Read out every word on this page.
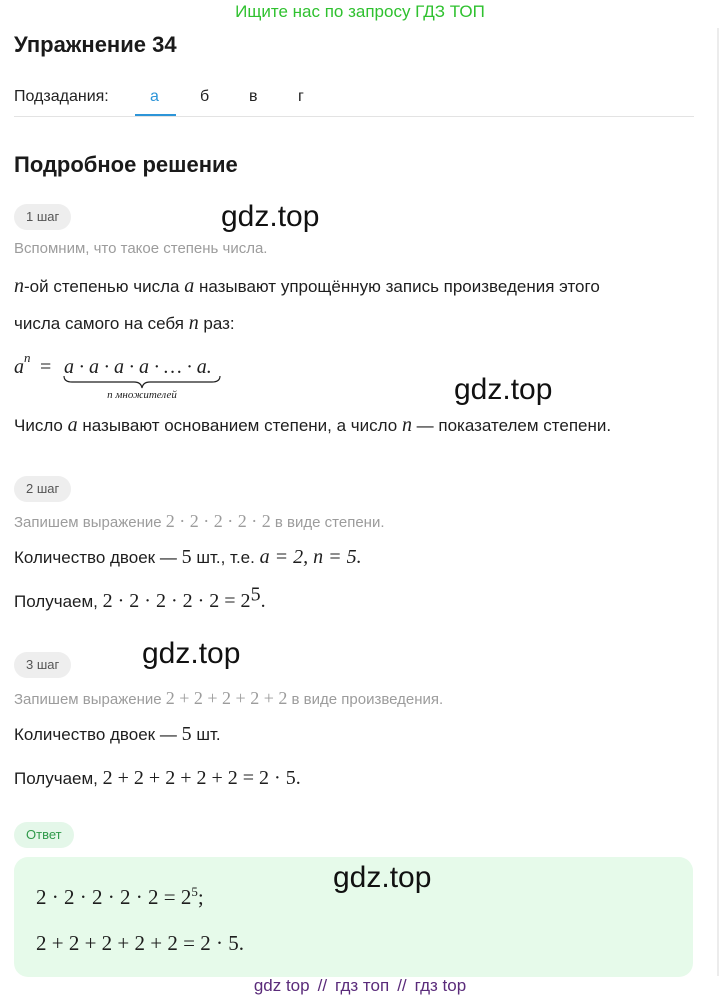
Ищите нас по запросу ГДЗ ТОП
Упражнение 34
Подзадания:	а	б в	г
Подробное решение
1 шаг	gdz.top
Вспомним, что такое степень числа.
n-ой степенью числа a называют упрощённую запись произведения этого
числа самого на себя n раз:
a n = a · a · a · a · … · a.
n множителей	gdz.top
Число a называют основанием степени, а число n — показателем степени.
2 шаг
Запишем выражение 2 · 2 · 2 · 2 · 2 в виде степени.
Количество двоек — 5 шт., т.е. a = 2, n = 5.
Получаем, $2 \cdot 2 \cdot 2 \cdot 2 \cdot 2 = 2^5$.
3 шаг	gdz.top
Запишем выражение 2 + 2 + 2 + 2 + 2 в виде произведения.
Количество двоек — 5 шт.
Получаем, 2 + 2 + 2 + 2 + 2 = 2 · 5.
Ответ
$2 \cdot 2 \cdot 2 \cdot 2 \cdot 2 = 2^5$;
2 + 2 + 2 + 2 + 2 = 2 · 5.
gdz.top
gdz top // гдз топ // гдз top
